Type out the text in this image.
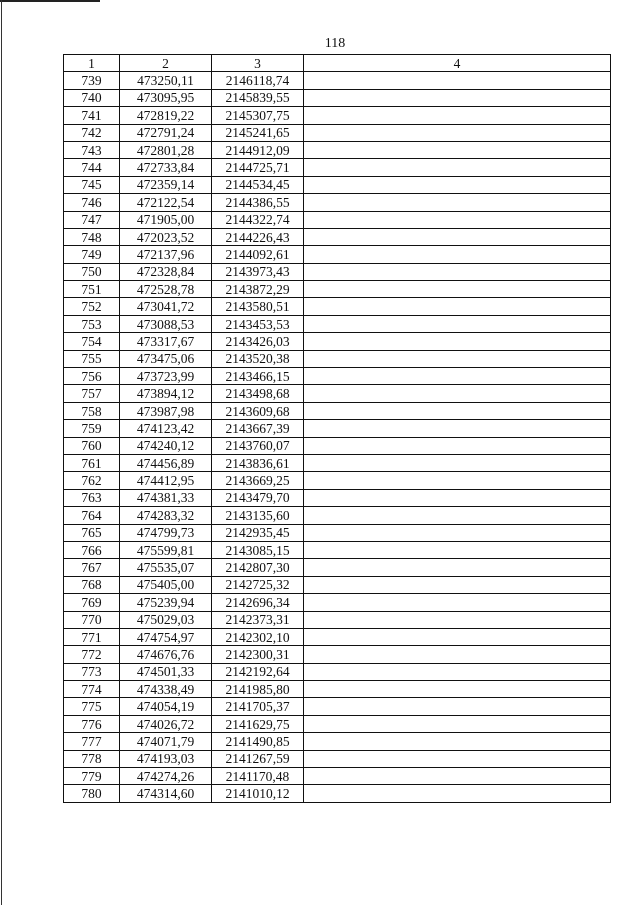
118
1	2	3	4
739	473250,11	2146118,74	
740	473095,95	2145839,55	
741	472819,22	2145307,75	
742	472791,24	2145241,65	
743	472801,28	2144912,09	
744	472733,84	2144725,71	
745	472359,14	2144534,45	
746	472122,54	2144386,55	
747	471905,00	2144322,74	
748	472023,52	2144226,43	
749	472137,96	2144092,61	
750	472328,84	2143973,43	
751	472528,78	2143872,29	
752	473041,72	2143580,51	
753	473088,53	2143453,53	
754	473317,67	2143426,03	
755	473475,06	2143520,38	
756	473723,99	2143466,15	
757	473894,12	2143498,68	
758	473987,98	2143609,68	
759	474123,42	2143667,39	
760	474240,12	2143760,07	
761	474456,89	2143836,61	
762	474412,95	2143669,25	
763	474381,33	2143479,70	
764	474283,32	2143135,60	
765	474799,73	2142935,45	
766	475599,81	2143085,15	
767	475535,07	2142807,30	
768	475405,00	2142725,32	
769	475239,94	2142696,34	
770	475029,03	2142373,31	
771	474754,97	2142302,10	
772	474676,76	2142300,31	
773	474501,33	2142192,64	
774	474338,49	2141985,80	
775	474054,19	2141705,37	
776	474026,72	2141629,75	
777	474071,79	2141490,85	
778	474193,03	2141267,59	
779	474274,26	2141170,48	
780	474314,60	2141010,12	
